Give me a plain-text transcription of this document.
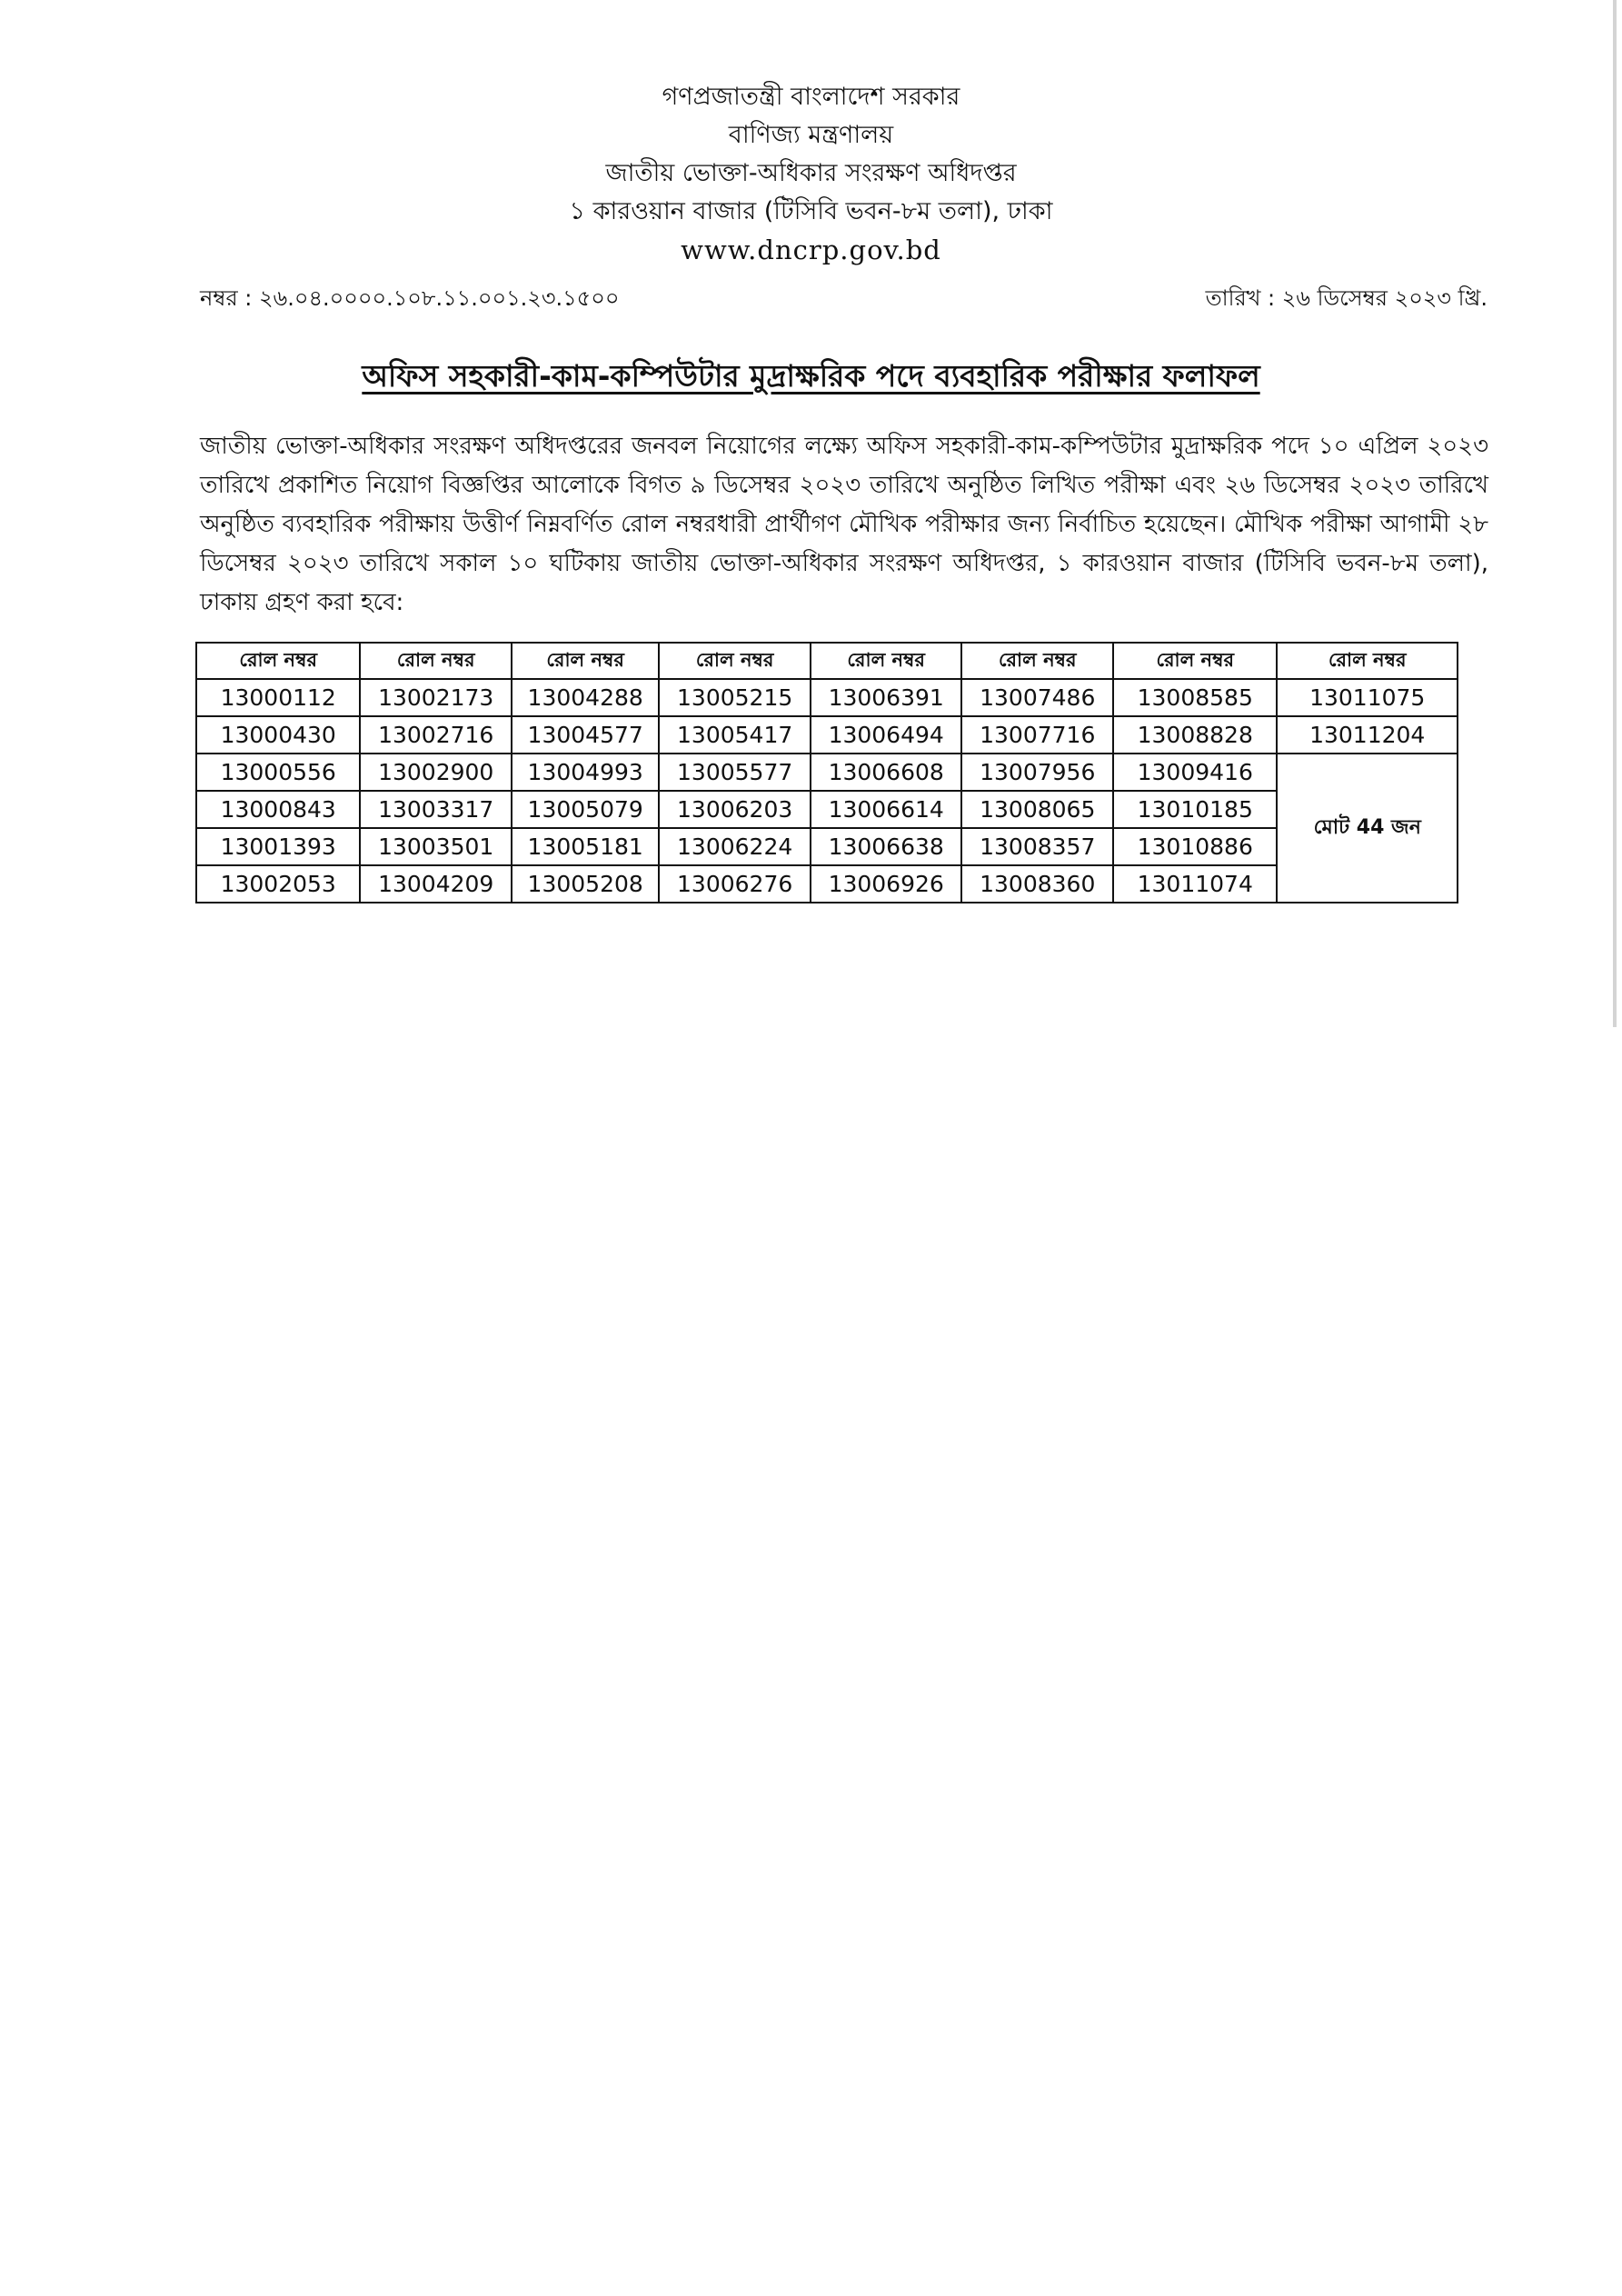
গণপ্রজাতন্ত্রী বাংলাদেশ সরকার
বাণিজ্য মন্ত্রণালয়
জাতীয় ভোক্তা-অধিকার সংরক্ষণ অধিদপ্তর
১ কারওয়ান বাজার (টিসিবি ভবন-৮ম তলা), ঢাকা
www.dncrp.gov.bd
নম্বর : ২৬.০৪.০০০০.১০৮.১১.০০১.২৩.১৫০০	তারিখ : ২৬ ডিসেম্বর ২০২৩ খ্রি.
অফিস সহকারী-কাম-কম্পিউটার মুদ্রাক্ষরিক পদে ব্যবহারিক পরীক্ষার ফলাফল
জাতীয় ভোক্তা-অধিকার সংরক্ষণ অধিদপ্তরের জনবল নিয়োগের লক্ষ্যে অফিস সহকারী-কাম-কম্পিউটার মুদ্রাক্ষরিক পদে ১০ এপ্রিল ২০২৩ তারিখে প্রকাশিত নিয়োগ বিজ্ঞপ্তির আলোকে বিগত ৯ ডিসেম্বর ২০২৩ তারিখে অনুষ্ঠিত লিখিত পরীক্ষা এবং ২৬ ডিসেম্বর ২০২৩ তারিখে অনুষ্ঠিত ব্যবহারিক পরীক্ষায় উত্তীর্ণ নিম্নবর্ণিত রোল নম্বরধারী প্রার্থীগণ মৌখিক পরীক্ষার জন্য নির্বাচিত হয়েছেন। মৌখিক পরীক্ষা আগামী ২৮ ডিসেম্বর ২০২৩ তারিখে সকাল ১০ ঘটিকায় জাতীয় ভোক্তা-অধিকার সংরক্ষণ অধিদপ্তর, ১ কারওয়ান বাজার (টিসিবি ভবন-৮ম তলা), ঢাকায় গ্রহণ করা হবে:
রোল নম্বর	রোল নম্বর	রোল নম্বর	রোল নম্বর	রোল নম্বর	রোল নম্বর	রোল নম্বর	রোল নম্বর
13000112	13002173	13004288	13005215	13006391	13007486	13008585	13011075
13000430	13002716	13004577	13005417	13006494	13007716	13008828	13011204
13000556	13002900	13004993	13005577	13006608	13007956	13009416	মোট 44 জন
13000843	13003317	13005079	13006203	13006614	13008065	13010185	
13001393	13003501	13005181	13006224	13006638	13008357	13010886	
13002053	13004209	13005208	13006276	13006926	13008360	13011074	
